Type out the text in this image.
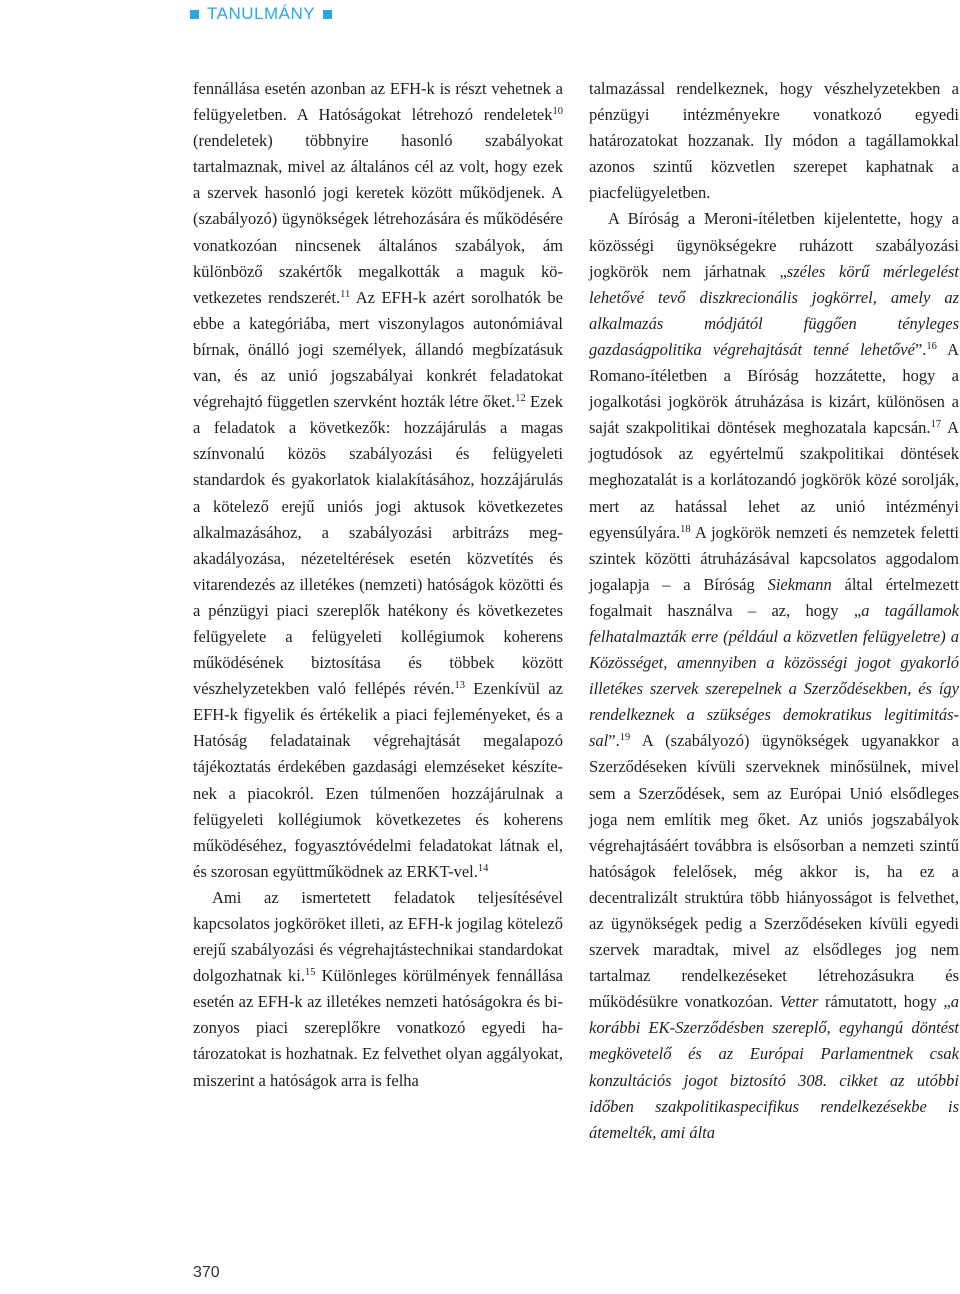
TANULMÁNY

fennállása esetén azonban az EFH-k is részt vehetnek a felügyeletben. A Hatóságokat létrehozó rendeletek$^{10}$ (rendeletek) többnyire hasonló szabályokat tartalmaznak, mivel az általános cél az volt, hogy ezek a szervek hasonló jogi keretek között működjenek. A (szabályozó) ügynökségek létrehozására és működésére vonatkozóan nincsenek általános szabályok, ám különböző szakértők megalkották a maguk következetes rendszerét.$^{11}$ Az EFH-k azért sorolhatók be ebbe a kategóriába, mert viszonylagos autonómiával bírnak, önálló jogi személyek, állandó megbízatásuk van, és az unió jogszabályai konkrét feladatokat végrehajtó független szervként hozták létre őket.$^{12}$ Ezek a feladatok a következők: hozzájárulás a magas színvonalú közös szabályozási és felügyeleti standardok és gyakorlatok kialakításához, hozzájárulás a kötelező erejű uniós jogi aktusok következetes alkalmazásához, a szabályozási arbitrázs megakadályozása, nézeteltérések esetén közvetítés és vitarendezés az illetékes (nemzeti) hatóságok közötti és a pénzügyi piaci szereplők hatékony és következetes felügyelete a felügyeleti kollégiumok koherens működésének biztosítása és többek között vészhelyzetekben való fellépés révén.$^{13}$ Ezenkívül az EFH-k figyelik és értékelik a piaci fejleményeket, és a Hatóság feladatainak végrehajtását megalapozó tájékoztatás érdekében gazdasági elemzéseket készítenek a piacokról. Ezen túlmenően hozzájárulnak a felügyeleti kollégiumok következetes és koherens működéséhez, fogyasztóvédelmi feladatokat látnak el, és szorosan együttműködnek az ERKT-vel.$^{14}$

Ami az ismertetett feladatok teljesítésével kapcsolatos jogköröket illeti, az EFH-k jogilag kötelező erejű szabályozási és végrehajtástechnikai standardokat dolgozhatnak ki.$^{15}$ Különleges körülmények fennállása esetén az EFH-k az illetékes nemzeti hatóságokra és bizonyos piaci szereplőkre vonatkozó egyedi határozatokat is hozhatnak. Ez felvethet olyan aggályokat, miszerint a hatóságok arra is felha

talmazással rendelkeznek, hogy vészhelyzetekben a pénzügyi intézményekre vonatkozó egyedi határozatokat hozzanak. Ily módon a tagállamokkal azonos szintű közvetlen szerepet kaphatnak a piacfelügyeletben.

A Bíróság a Meroni-ítéletben kijelentette, hogy a közösségi ügynökségekre ruházott szabályozási jogkörök nem járhatnak „széles körű mérlegelést lehetővé tevő diszkrecionális jogkörrel, amely az alkalmazás módjától függően tényleges gazdaságpolitika végrehajtását tenné lehetővé”.$^{16}$ A Romano-ítéletben a Bíróság hozzátette, hogy a jogalkotási jogkörök átruházása is kizárt, különösen a saját szakpolitikai döntések meghozatala kapcsán.$^{17}$ A jogtudósok az egyértelmű szakpolitikai döntések meghozatalát is a korlátozandó jogkörök közé sorolják, mert az hatással lehet az unió intézményi egyensúlyára.$^{18}$ A jogkörök nemzeti és nemzetek feletti szintek közötti átruházásával kapcsolatos aggodalom jogalapja – a Bíróság Siekmann által értelmezett fogalmait használva – az, hogy „a tagállamok felhatalmazták erre (például a közvetlen felügyeletre) a Közösséget, amennyiben a közösségi jogot gyakorló illetékes szervek szerepelnek a Szerződésekben, és így rendelkeznek a szükséges demokratikus legitimitással”.$^{19}$ A (szabályozó) ügynökségek ugyanakkor a Szerződéseken kívüli szerveknek minősülnek, mivel sem a Szerződések, sem az Európai Unió elsődleges joga nem említik meg őket. Az uniós jogszabályok végrehajtásáért továbbra is elsősorban a nemzeti szintű hatóságok felelősek, még akkor is, ha ez a decentralizált struktúra több hiányosságot is felvethet, az ügynökségek pedig a Szerződéseken kívüli egyedi szervek maradtak, mivel az elsődleges jog nem tartalmaz rendelkezéseket létrehozásukra és működésükre vonatkozóan. Vetter rámutatott, hogy „a korábbi EK-Szerződésben szereplő, egyhangú döntést megkövetelő és az Európai Parlamentnek csak konzultációs jogot biztosító 308. cikket az utóbbi időben szakpolitikaspecifikus rendelkezésekbe is átemelték, ami álta

370
